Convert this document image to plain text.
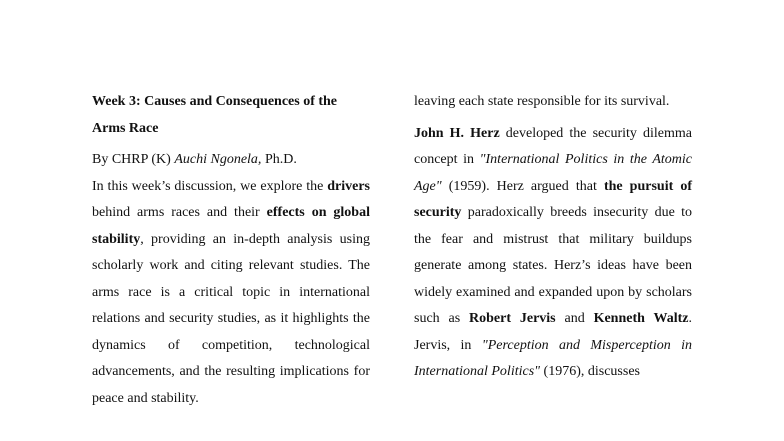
Week 3: Causes and Consequences of the Arms Race

By CHRP (K) Auchi Ngonela, Ph.D.

In this week’s discussion, we explore the drivers behind arms races and their effects on global stability, providing an in-depth analysis using scholarly work and citing relevant studies. The arms race is a critical topic in international relations and security studies, as it highlights the dynamics of competition, technological advancements, and the resulting implications for peace and stability.

leaving each state responsible for its survival.

John H. Herz developed the security dilemma concept in "International Politics in the Atomic Age" (1959). Herz argued that the pursuit of security paradoxically breeds insecurity due to the fear and mistrust that military buildups generate among states. Herz’s ideas have been widely examined and expanded upon by scholars such as Robert Jervis and Kenneth Waltz. Jervis, in "Perception and Misperception in International Politics" (1976), discusses
